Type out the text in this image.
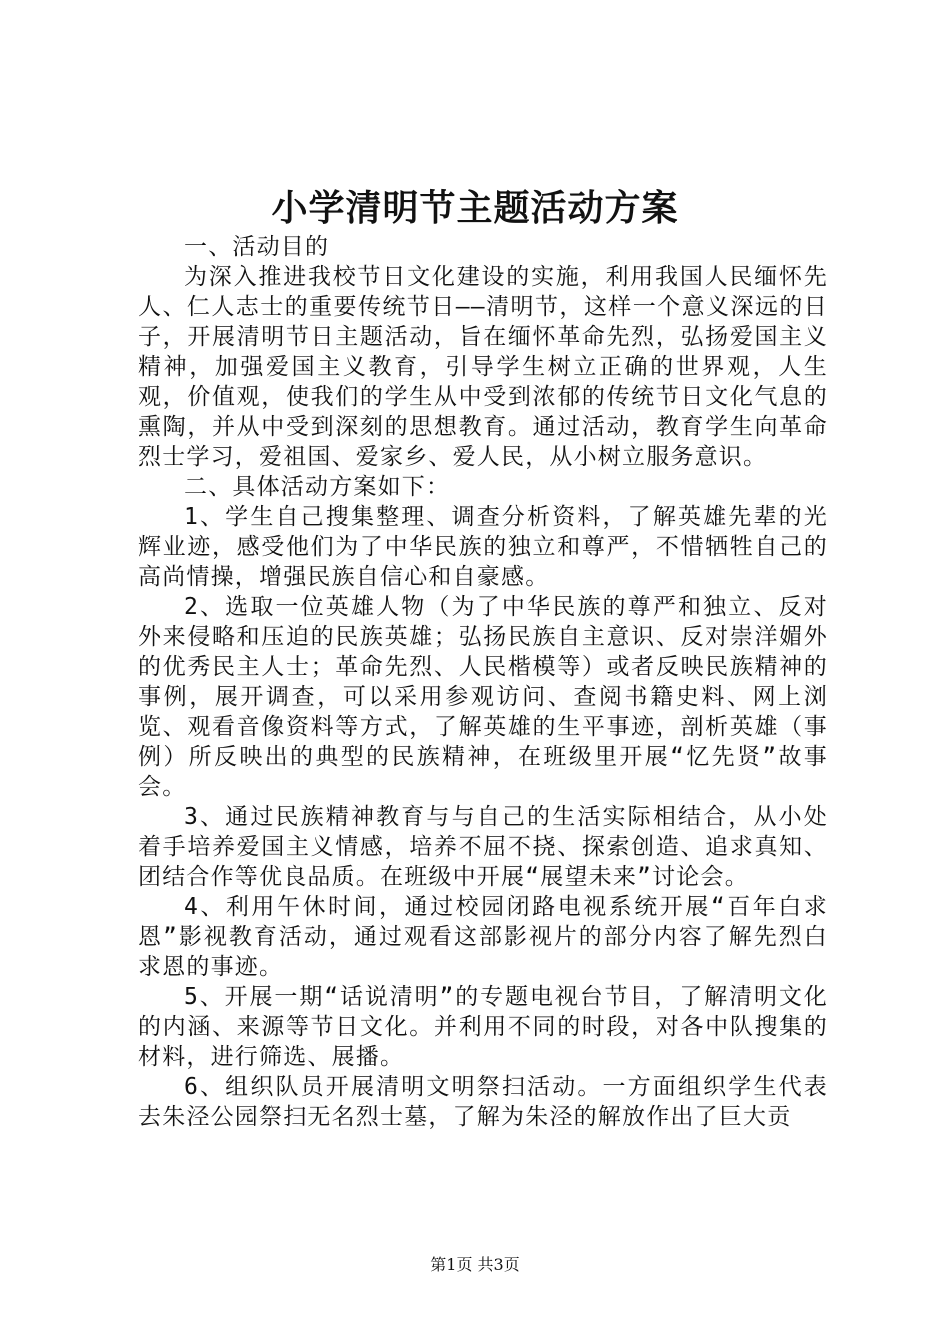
小学清明节主题活动方案

一、活动目的

为深入推进我校节日文化建设的实施，利用我国人民缅怀先人、仁人志士的重要传统节日——清明节，这样一个意义深远的日子，开展清明节日主题活动，旨在缅怀革命先烈，弘扬爱国主义精神，加强爱国主义教育，引导学生树立正确的世界观，人生观，价值观，使我们的学生从中受到浓郁的传统节日文化气息的熏陶，并从中受到深刻的思想教育。通过活动，教育学生向革命烈士学习，爱祖国、爱家乡、爱人民，从小树立服务意识。

二、具体活动方案如下：

1、学生自己搜集整理、调查分析资料，了解英雄先辈的光辉业迹，感受他们为了中华民族的独立和尊严，不惜牺牲自己的高尚情操，增强民族自信心和自豪感。

2、选取一位英雄人物（为了中华民族的尊严和独立、反对外来侵略和压迫的民族英雄；弘扬民族自主意识、反对崇洋媚外的优秀民主人士；革命先烈、人民楷模等）或者反映民族精神的事例，展开调查，可以采用参观访问、查阅书籍史料、网上浏览、观看音像资料等方式，了解英雄的生平事迹，剖析英雄（事例）所反映出的典型的民族精神，在班级里开展“忆先贤”故事会。

3、通过民族精神教育与与自己的生活实际相结合，从小处着手培养爱国主义情感，培养不屈不挠、探索创造、追求真知、团结合作等优良品质。在班级中开展“展望未来”讨论会。

4、利用午休时间，通过校园闭路电视系统开展“百年白求恩”影视教育活动，通过观看这部影视片的部分内容了解先烈白求恩的事迹。

5、开展一期“话说清明”的专题电视台节目，了解清明文化的内涵、来源等节日文化。并利用不同的时段，对各中队搜集的材料，进行筛选、展播。

6、组织队员开展清明文明祭扫活动。一方面组织学生代表去朱泾公园祭扫无名烈士墓，了解为朱泾的解放作出了巨大贡

第1页 共3页
